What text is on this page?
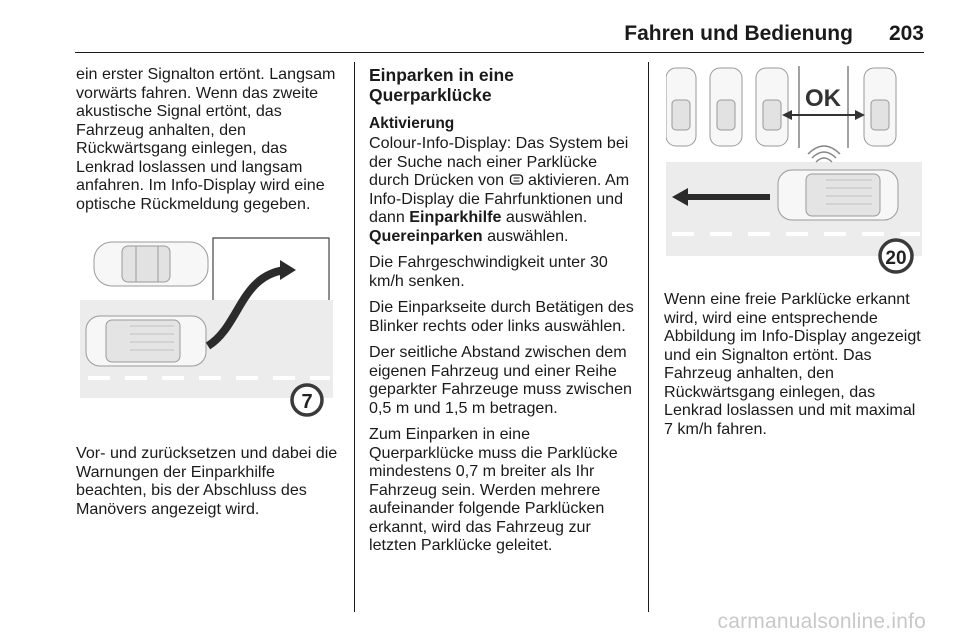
Fahren und Bedienung 203

ein erster Signalton ertönt. Langsam vorwärts fahren. Wenn das zweite akustische Signal ertönt, das Fahrzeug anhalten, den Rückwärtsgang einlegen, das Lenkrad loslassen und langsam anfahren. Im Info-Display wird eine optische Rückmeldung gegeben.

7

Vor- und zurücksetzen und dabei die Warnungen der Einparkhilfe beachten, bis der Abschluss des Manövers angezeigt wird.

Einparken in eine Querparklücke
Aktivierung

Colour-Info-Display: Das System bei der Suche nach einer Parklücke durch Drücken von aktivieren. Am Info-Display die Fahrfunktionen und dann Einparkhilfe auswählen. Quereinparken auswählen.

Die Fahrgeschwindigkeit unter 30 km/h senken.

Die Einparkseite durch Betätigen des Blinker rechts oder links auswählen.

Der seitliche Abstand zwischen dem eigenen Fahrzeug und einer Reihe geparkter Fahrzeuge muss zwischen 0,5 m und 1,5 m betragen.

Zum Einparken in eine Querparklücke muss die Parklücke mindestens 0,7 m breiter als Ihr Fahrzeug sein. Werden mehrere aufeinander folgende Parklücken erkannt, wird das Fahrzeug zur letzten Parklücke geleitet.

OK
20

Wenn eine freie Parklücke erkannt wird, wird eine entsprechende Abbildung im Info-Display angezeigt und ein Signalton ertönt. Das Fahrzeug anhalten, den Rückwärtsgang einlegen, das Lenkrad loslassen und mit maximal 7 km/h fahren.

carmanualsonline.info
